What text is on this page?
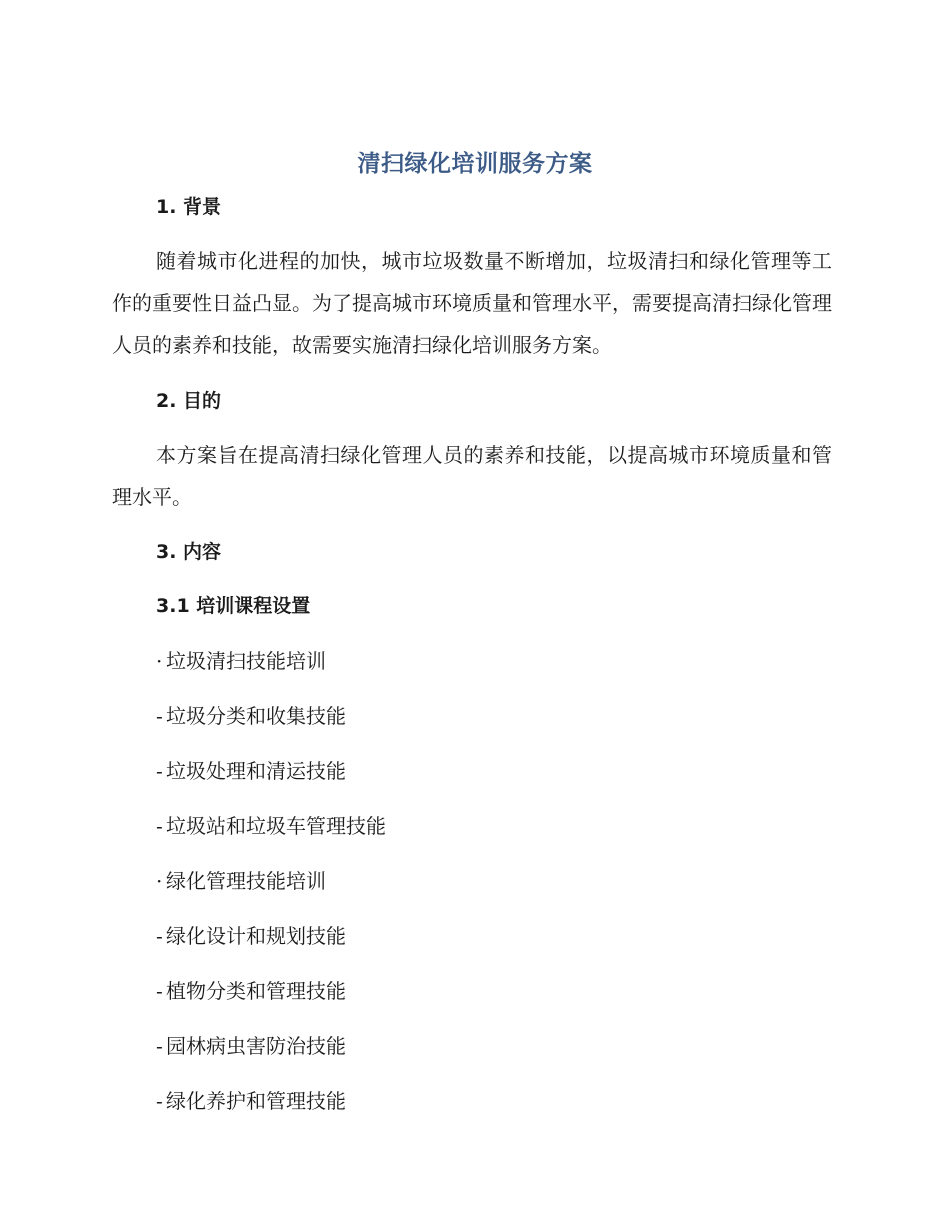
清扫绿化培训服务方案
1. 背景

随着城市化进程的加快，城市垃圾数量不断增加，垃圾清扫和绿化管理等工作的重要性日益凸显。为了提高城市环境质量和管理水平，需要提高清扫绿化管理人员的素养和技能，故需要实施清扫绿化培训服务方案。

2. 目的

本方案旨在提高清扫绿化管理人员的素养和技能，以提高城市环境质量和管理水平。

3. 内容
3.1 培训课程设置
· 垃圾清扫技能培训
- 垃圾分类和收集技能
- 垃圾处理和清运技能
- 垃圾站和垃圾车管理技能
· 绿化管理技能培训
- 绿化设计和规划技能
- 植物分类和管理技能
- 园林病虫害防治技能
- 绿化养护和管理技能
